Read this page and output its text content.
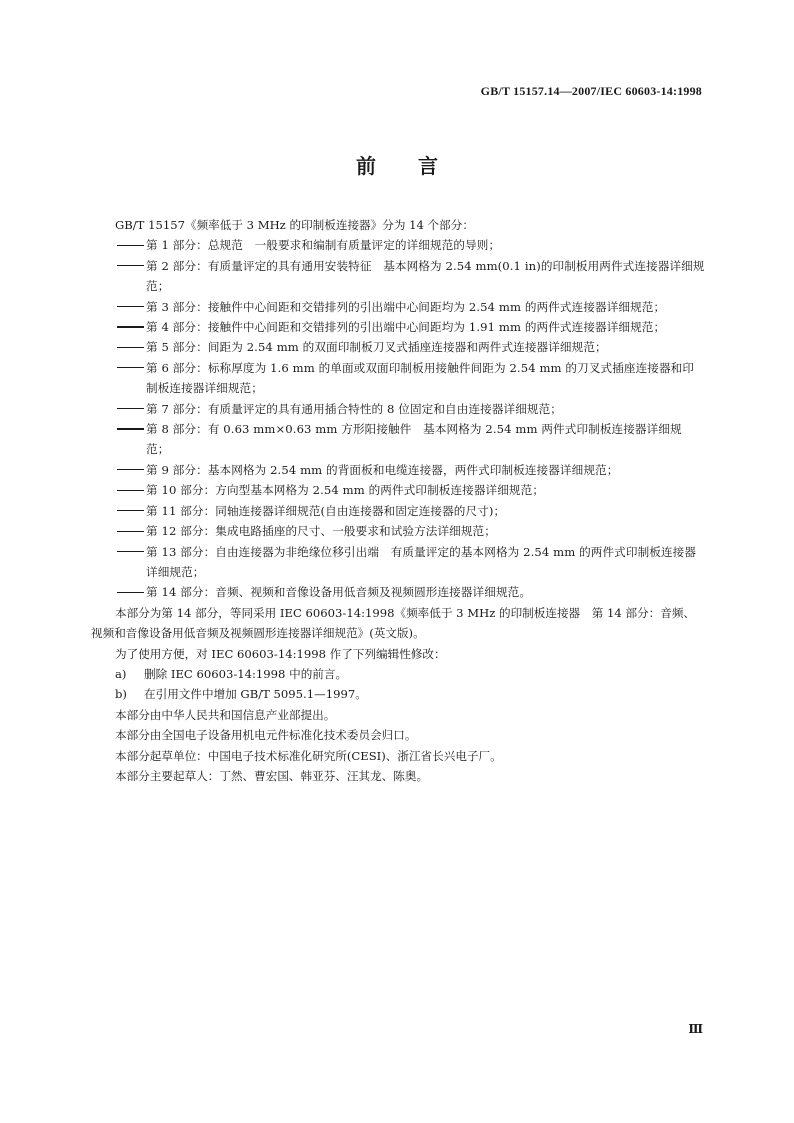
GB/T 15157.14—2007/IEC 60603-14:1998
前言

GB/T 15157《频率低于 3 MHz 的印制板连接器》分为 14 个部分：

第 1 部分：总规范　一般要求和编制有质量评定的详细规范的导则；

第 2 部分：有质量评定的具有通用安装特征　基本网格为 2.54 mm(0.1 in)的印制板用两件式连接器详细规范；

第 3 部分：接触件中心间距和交错排列的引出端中心间距均为 2.54 mm 的两件式连接器详细规范；

第 4 部分：接触件中心间距和交错排列的引出端中心间距均为 1.91 mm 的两件式连接器详细规范；

第 5 部分：间距为 2.54 mm 的双面印制板刀叉式插座连接器和两件式连接器详细规范；

第 6 部分：标称厚度为 1.6 mm 的单面或双面印制板用接触件间距为 2.54 mm 的刀叉式插座连接器和印制板连接器详细规范；

第 7 部分：有质量评定的具有通用插合特性的 8 位固定和自由连接器详细规范；

第 8 部分：有 0.63 mm×0.63 mm 方形阳接触件　基本网格为 2.54 mm 两件式印制板连接器详细规范；

第 9 部分：基本网格为 2.54 mm 的背面板和电缆连接器，两件式印制板连接器详细规范；

第 10 部分：方向型基本网格为 2.54 mm 的两件式印制板连接器详细规范；

第 11 部分：同轴连接器详细规范(自由连接器和固定连接器的尺寸)；

第 12 部分：集成电路插座的尺寸、一般要求和试验方法详细规范；

第 13 部分：自由连接器为非绝缘位移引出端　有质量评定的基本网格为 2.54 mm 的两件式印制板连接器详细规范；

第 14 部分：音频、视频和音像设备用低音频及视频圆形连接器详细规范。

本部分为第 14 部分，等同采用 IEC 60603-14:1998《频率低于 3 MHz 的印制板连接器　第 14 部分：音频、视频和音像设备用低音频及视频圆形连接器详细规范》(英文版)。

为了使用方便，对 IEC 60603-14:1998 作了下列编辑性修改：

a) 删除 IEC 60603-14:1998 中的前言。

b) 在引用文件中增加 GB/T 5095.1—1997。

本部分由中华人民共和国信息产业部提出。

本部分由全国电子设备用机电元件标准化技术委员会归口。

本部分起草单位：中国电子技术标准化研究所(CESI)、浙江省长兴电子厂。

本部分主要起草人：丁然、曹宏国、韩亚芬、汪其龙、陈奥。

Ⅲ
